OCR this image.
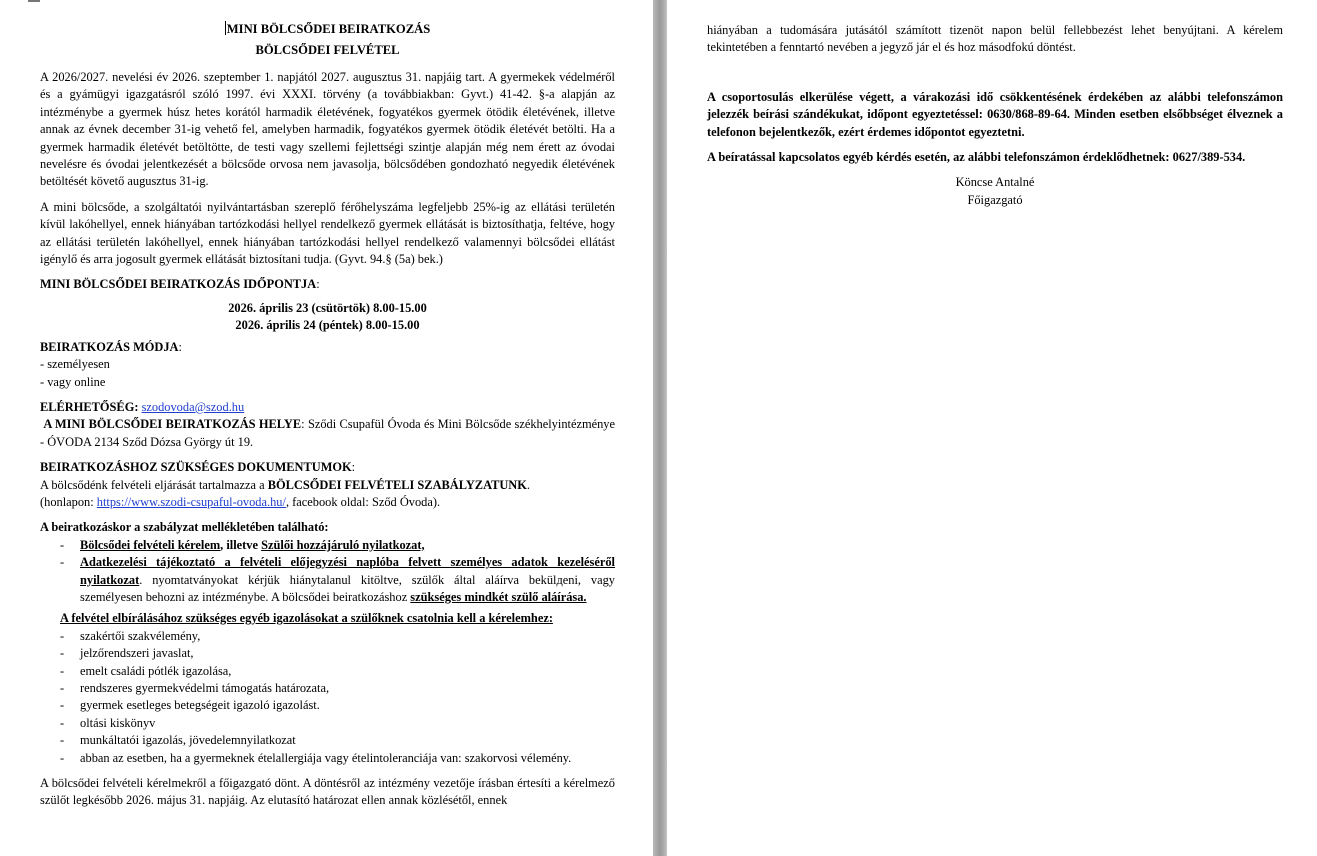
MINI BÖLCSŐDEI BEIRATKOZÁS

BÖLCSŐDEI FELVÉTEL

A 2026/2027. nevelési év 2026. szeptember 1. napjától 2027. augusztus 31. napjáig tart. A gyermekek védelméről és a gyámügyi igazgatásról szóló 1997. évi XXXI. törvény (a továbbiakban: Gyvt.) 41-42. §-a alapján az intézménybe a gyermek húsz hetes korától harmadik életévének, fogyatékos gyermek ötödik életévének, illetve annak az évnek december 31-ig vehető fel, amelyben harmadik, fogyatékos gyermek ötödik életévét betölti. Ha a gyermek harmadik életévét betöltötte, de testi vagy szellemi fejlettségi szintje alapján még nem érett az óvodai nevelésre és óvodai jelentkezését a bölcsőde orvosa nem javasolja, bölcsődében gondozható negyedik életévének betöltését követő augusztus 31-ig.

A mini bölcsőde, a szolgáltatói nyilvántartásban szereplő férőhelyszáma legfeljebb 25%-ig az ellátási területén kívül lakóhellyel, ennek hiányában tartózkodási hellyel rendelkező gyermek ellátását is biztosíthatja, feltéve, hogy az ellátási területén lakóhellyel, ennek hiányában tartózkodási hellyel rendelkező valamennyi bölcsődei ellátást igénylő és arra jogosult gyermek ellátását biztosítani tudja. (Gyvt. 94.§ (5a) bek.)

MINI BÖLCSŐDEI BEIRATKOZÁS IDŐPONTJA:

2026. április 23 (csütörtök) 8.00-15.00

2026. április 24 (péntek) 8.00-15.00

BEIRATKOZÁS MÓDJA:

- személyesen

- vagy online

ELÉRHETŐSÉG: szodovoda@szod.hu

A MINI BÖLCSŐDEI BEIRATKOZÁS HELYE: Sződi Csupafül Óvoda és Mini Bölcsőde székhelyintézménye - ÓVODA 2134 Sződ Dózsa György út 19.

BEIRATKOZÁSHOZ SZÜKSÉGES DOKUMENTUMOK:

A bölcsődénk felvételi eljárását tartalmazza a BÖLCSŐDEI FELVÉTELI SZABÁLYZATUNK.

(honlapon: https://www.szodi-csupaful-ovoda.hu/, facebook oldal: Sződ Óvoda).

A beiratkozáskor a szabályzat mellékletében található:

- Bölcsődei felvételi kérelem, illetve Szülői hozzájáruló nyilatkozat,
- Adatkezelési tájékoztató a felvételi előjegyzési naplóba felvett személyes adatok kezeléséről nyilatkozat. nyomtatványokat kérjük hiánytalanul kitöltve, szülők által aláírva bekülдeni, vagy személyesen behozni az intézménybe. A bölcsődei beiratkozáshoz szükséges mindkét szülő aláírása.

A felvétel elbírálásához szükséges egyéb igazolásokat a szülőknek csatolnia kell a kérelemhez:

- szakértői szakvélemény,
- jelzőrendszeri javaslat,
- emelt családi pótlék igazolása,
- rendszeres gyermekvédelmi támogatás határozata,
- gyermek esetleges betegségeit igazoló igazolást.
- oltási kiskönyv
- munkáltatói igazolás, jövedelemnyilatkozat
- abban az esetben, ha a gyermeknek ételallergiája vagy ételintoleranciája van: szakorvosi vélemény.

A bölcsődei felvételi kérelmekről a főigazgató dönt. A döntésről az intézmény vezetője írásban értesíti a kérelmező szülőt legkésőbb 2026. május 31. napjáig. Az elutasító határozat ellen annak közlésétől, ennek

hiányában a tudomására jutásától számított tizenöt napon belül fellebbezést lehet benyújtani. A kérelem tekintetében a fenntartó nevében a jegyző jár el és hoz másodfokú döntést.

A csoportosulás elkerülése végett, a várakozási idő csökkentésének érdekében az alábbi telefonszámon jelezzék beírási szándékukat, időpont egyeztetéssel: 0630/868-89-64. Minden esetben elsőbbséget élveznek a telefonon bejelentkezők, ezért érdemes időpontot egyeztetni.

A beíratással kapcsolatos egyéb kérdés esetén, az alábbi telefonszámon érdeklődhetnek: 0627/389-534.

Köncse Antalné

Főigazgató
